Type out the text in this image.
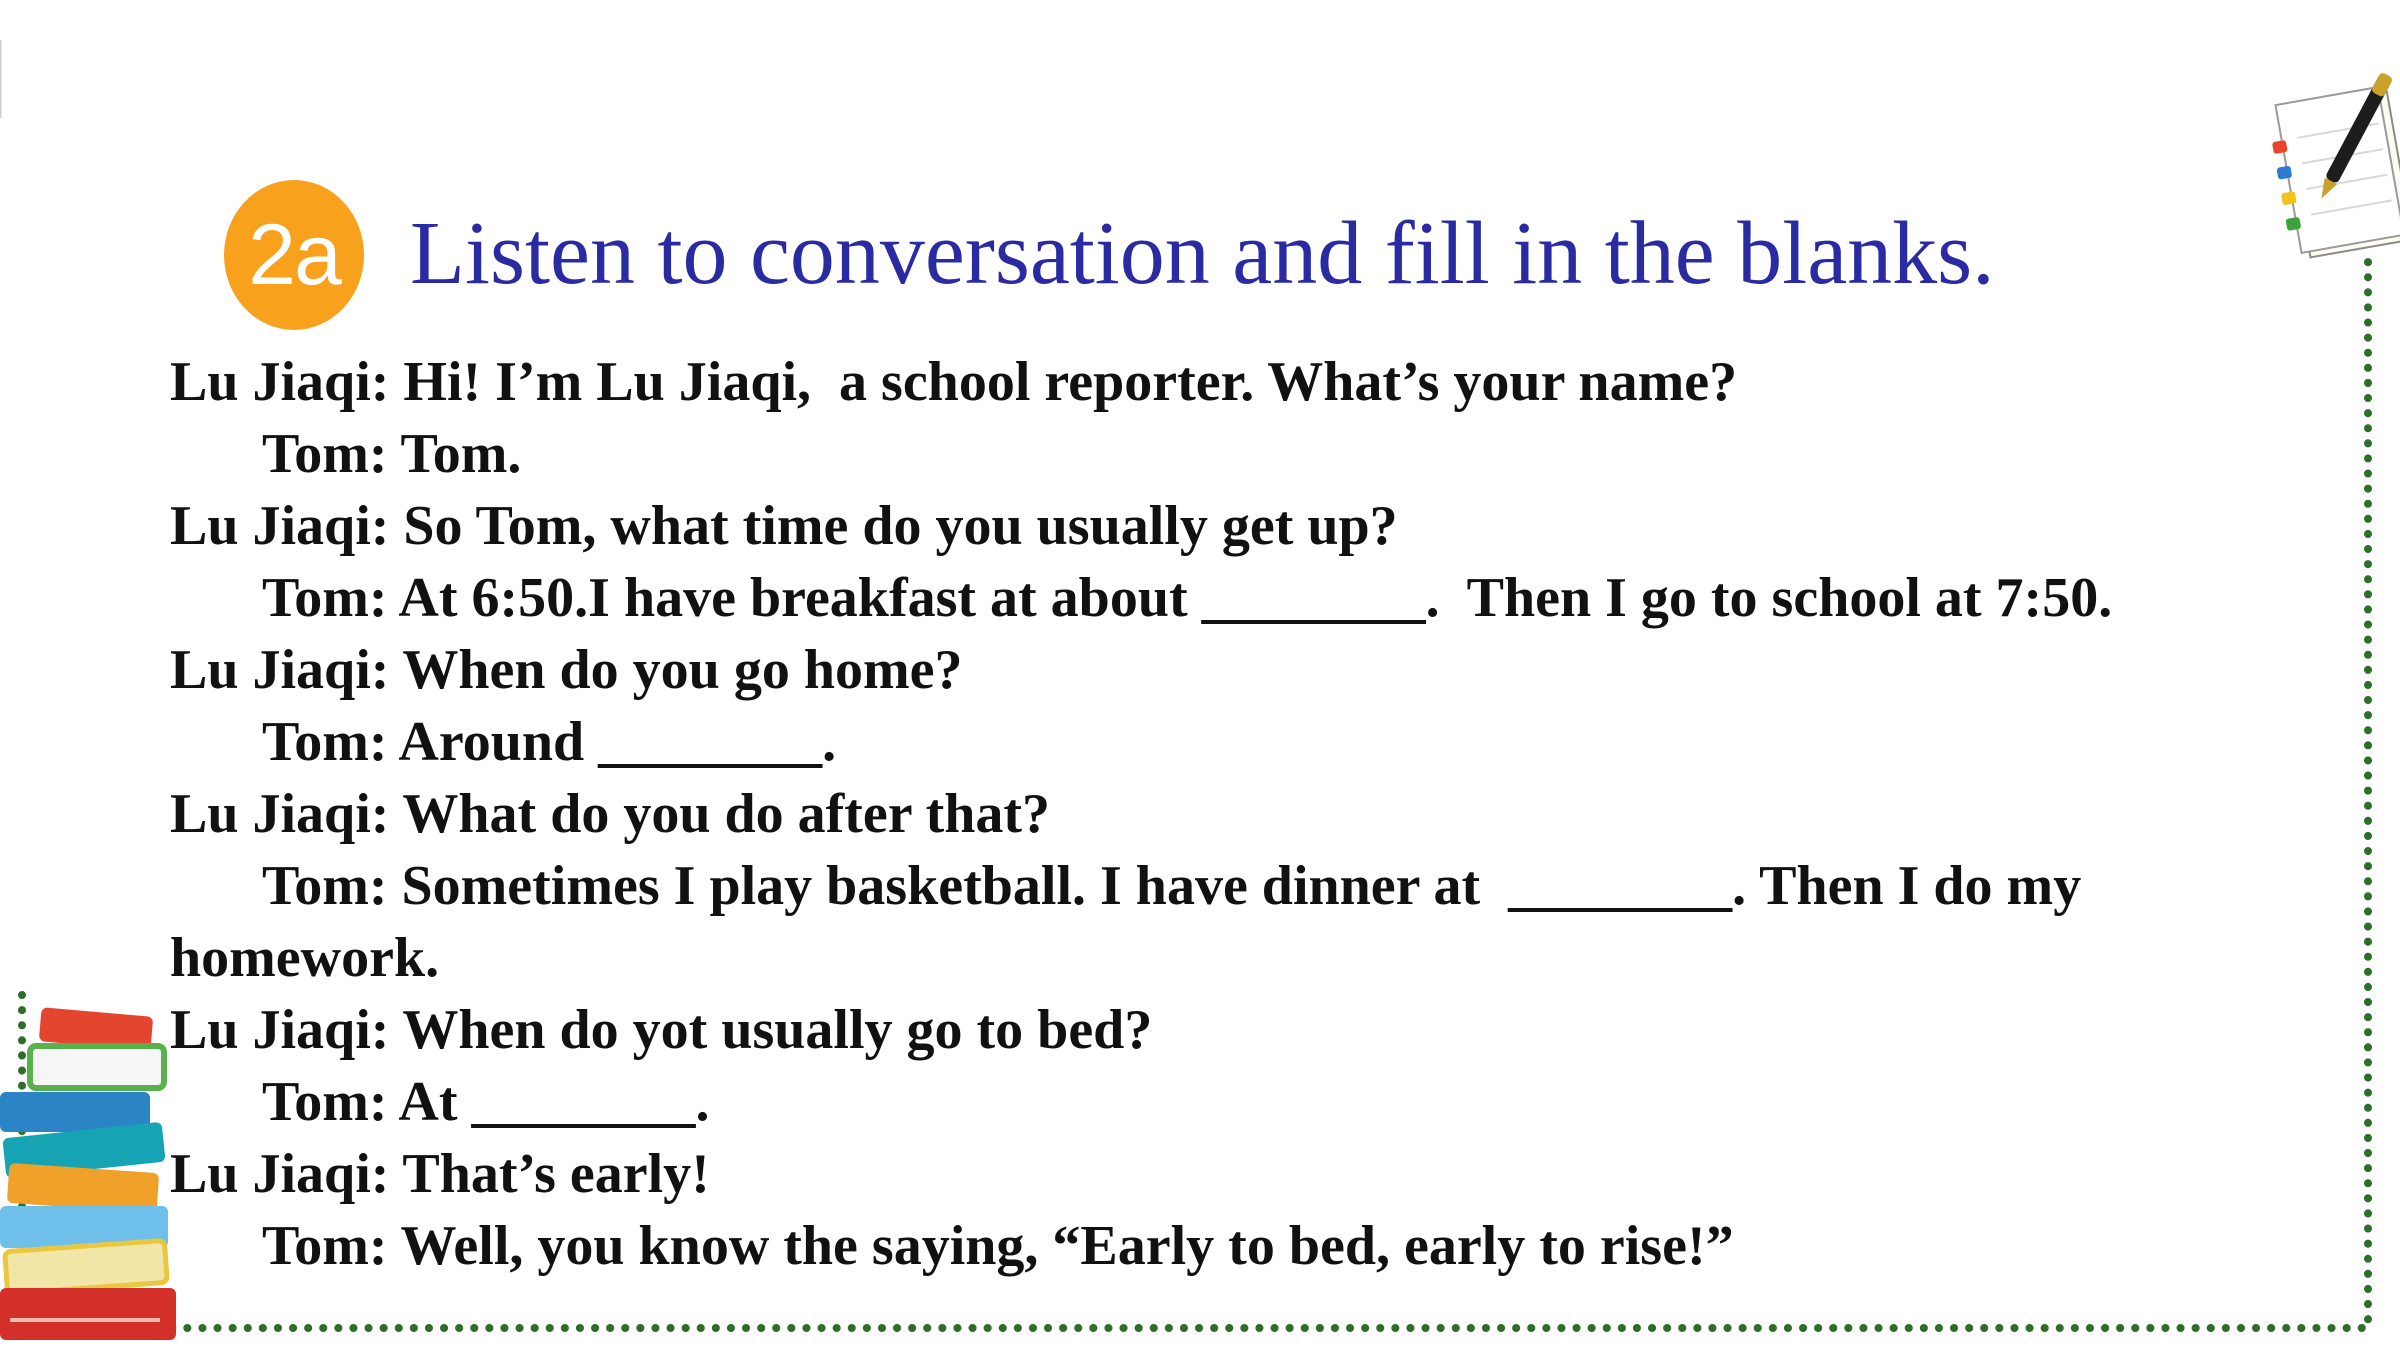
2a Listen to conversation and fill in the blanks.
Lu Jiaqi: Hi! I’m Lu Jiaqi,  a school reporter. What’s your name?
Tom: Tom.
Lu Jiaqi: So Tom, what time do you usually get up?
Tom: At 6:50.I have breakfast at about ________.  Then I go to school at 7:50.
Lu Jiaqi: When do you go home?
Tom: Around ________.
Lu Jiaqi: What do you do after that?
Tom: Sometimes I play basketball. I have dinner at  ________. Then I do my
homework.
Lu Jiaqi: When do yot usually go to bed?
Tom: At ________.
Lu Jiaqi: That’s early!
Tom: Well, you know the saying, “Early to bed, early to rise!”
